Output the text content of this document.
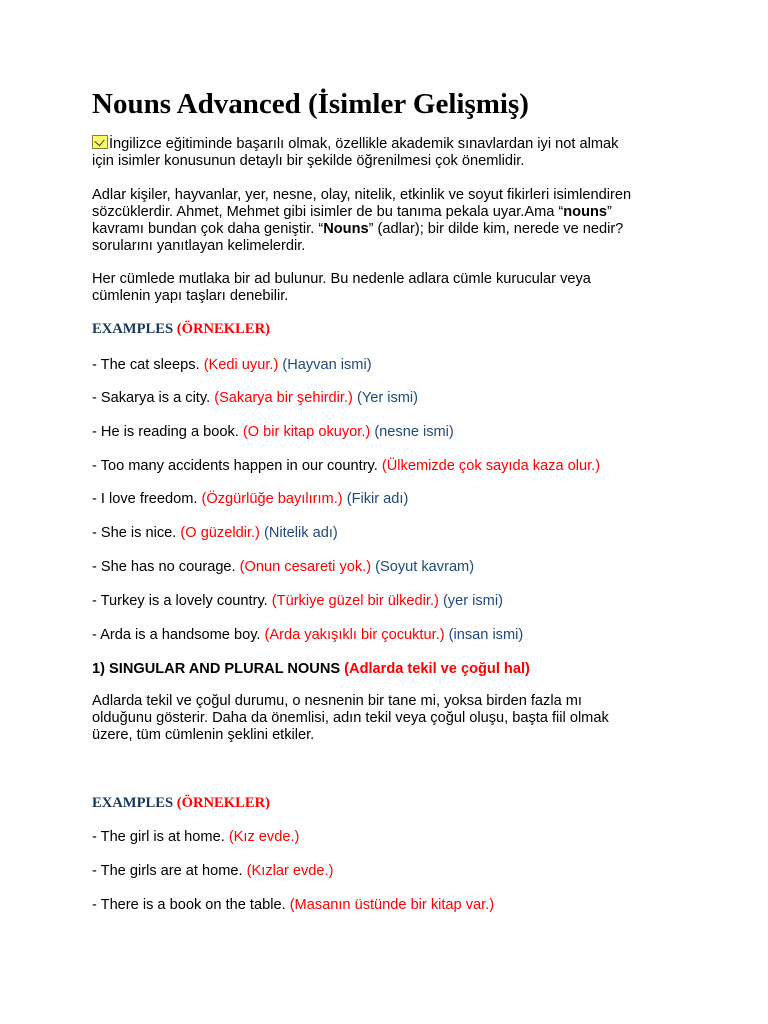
Nouns Advanced (İsimler Gelişmiş)

İngilizce eğitiminde başarılı olmak, özellikle akademik sınavlardan iyi not almak
için isimler konusunun detaylı bir şekilde öğrenilmesi çok önemlidir.

Adlar kişiler, hayvanlar, yer, nesne, olay, nitelik, etkinlik ve soyut fikirleri isimlendiren
sözcüklerdir. Ahmet, Mehmet gibi isimler de bu tanıma pekala uyar.Ama “nouns”
kavramı bundan çok daha geniştir. “Nouns” (adlar); bir dilde kim, nerede ve nedir?
sorularını yanıtlayan kelimelerdir.

Her cümlede mutlaka bir ad bulunur. Bu nedenle adlara cümle kurucular veya
cümlenin yapı taşları denebilir.

EXAMPLES (ÖRNEKLER)

- The cat sleeps. (Kedi uyur.) (Hayvan ismi)

- Sakarya is a city. (Sakarya bir şehirdir.) (Yer ismi)

- He is reading a book. (O bir kitap okuyor.) (nesne ismi)

- Too many accidents happen in our country. (Ülkemizde çok sayıda kaza olur.)

- I love freedom. (Özgürlüğe bayılırım.) (Fikir adı)

- She is nice. (O güzeldir.) (Nitelik adı)

- She has no courage. (Onun cesareti yok.) (Soyut kavram)

- Turkey is a lovely country. (Türkiye güzel bir ülkedir.) (yer ismi)

- Arda is a handsome boy. (Arda yakışıklı bir çocuktur.) (insan ismi)

1) SINGULAR AND PLURAL NOUNS (Adlarda tekil ve çoğul hal)

Adlarda tekil ve çoğul durumu, o nesnenin bir tane mi, yoksa birden fazla mı
olduğunu gösterir. Daha da önemlisi, adın tekil veya çoğul oluşu, başta fiil olmak
üzere, tüm cümlenin şeklini etkiler.

EXAMPLES (ÖRNEKLER)

- The girl is at home. (Kız evde.)

- The girls are at home. (Kızlar evde.)

- There is a book on the table. (Masanın üstünde bir kitap var.)
